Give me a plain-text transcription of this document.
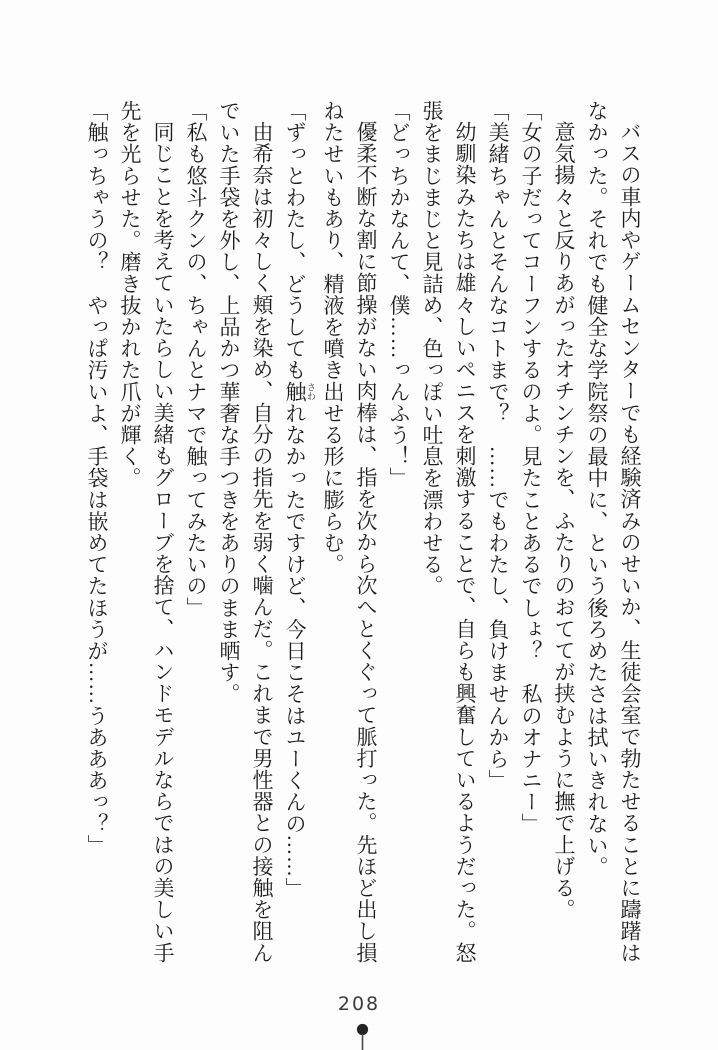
バスの車内やゲームセンターでも経験済みのせいか、生徒会室で勃たせることに躊躇は
なかった。それでも健全な学院祭の最中に、という後ろめたさは拭いきれない。
意気揚々と反りあがったオチンチンを、ふたりのおててが挟むように撫で上げる。
「女の子だってコーフンするのよ。見たことあるでしょ？　私のオナニー」
「美緒ちゃんとそんなコトまで？　……でもわたし、負けませんから」
幼馴染みたちは雄々しいペニスを刺激することで、自らも興奮しているようだった。怒
張をまじまじと見詰め、色っぽい吐息を漂わせる。
「どっちかなんて、僕……っんふう！」
優柔不断な割に節操がない肉棒は、指を次から次へとくぐって脈打った。先ほど出し損
ねたせいもあり、精液を噴き出せる形に膨らむ。
「ずっとわたし、どうしても触 さわれなかったですけど、今日こそはユーくんの……」
由希奈は初々しく頬を染め、自分の指先を弱く噛んだ。これまで男性器との接触を阻ん
でいた手袋を外し、上品かつ華奢な手つきをありのまま晒す。
「私も悠斗クンの、ちゃんとナマで触ってみたいの」
同じことを考えていたらしい美緒もグローブを捨て、ハンドモデルならではの美しい手
先を光らせた。磨き抜かれた爪が輝く。
「触っちゃうの？　やっぱ汚いよ、手袋は嵌めてたほうが……うあああっ？」
208
